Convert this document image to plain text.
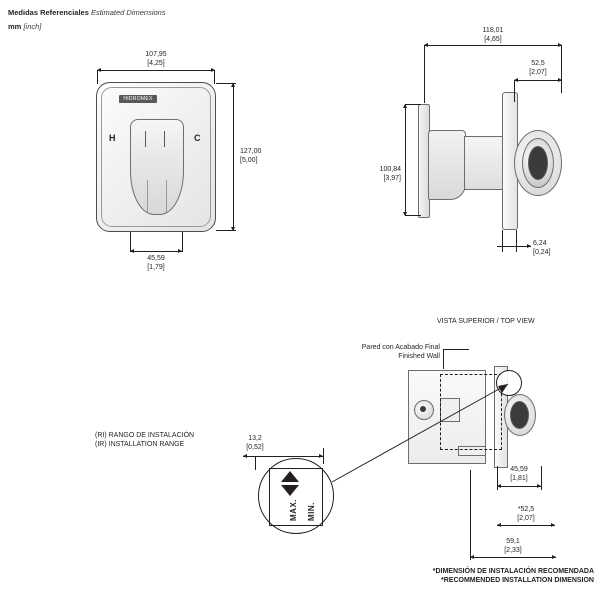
Medidas Referenciales Estimated Dimensions
mm [inch]
HIDROMEX
H	C
107,95
[4,25]
127,00
[5,00]
45,59
[1,79]
118,01
[4,65]
52,5
[2,07]
100,84
[3,97]
6,24
[0,24]
VISTA SUPERIOR / TOP VIEW
Pared con Acabado Final
Finished Wall
45,59
[1,81]
*52,5
[2,07]
59,1
[2,33]
(RI) RANGO DE INSTALACIÓN
(IR) INSTALLATION RANGE
13,2
[0,52]
MAX. MIN.
*DIMENSIÓN DE INSTALACIÓN RECOMENDADA
*RECOMMENDED INSTALLATION DIMENSION
